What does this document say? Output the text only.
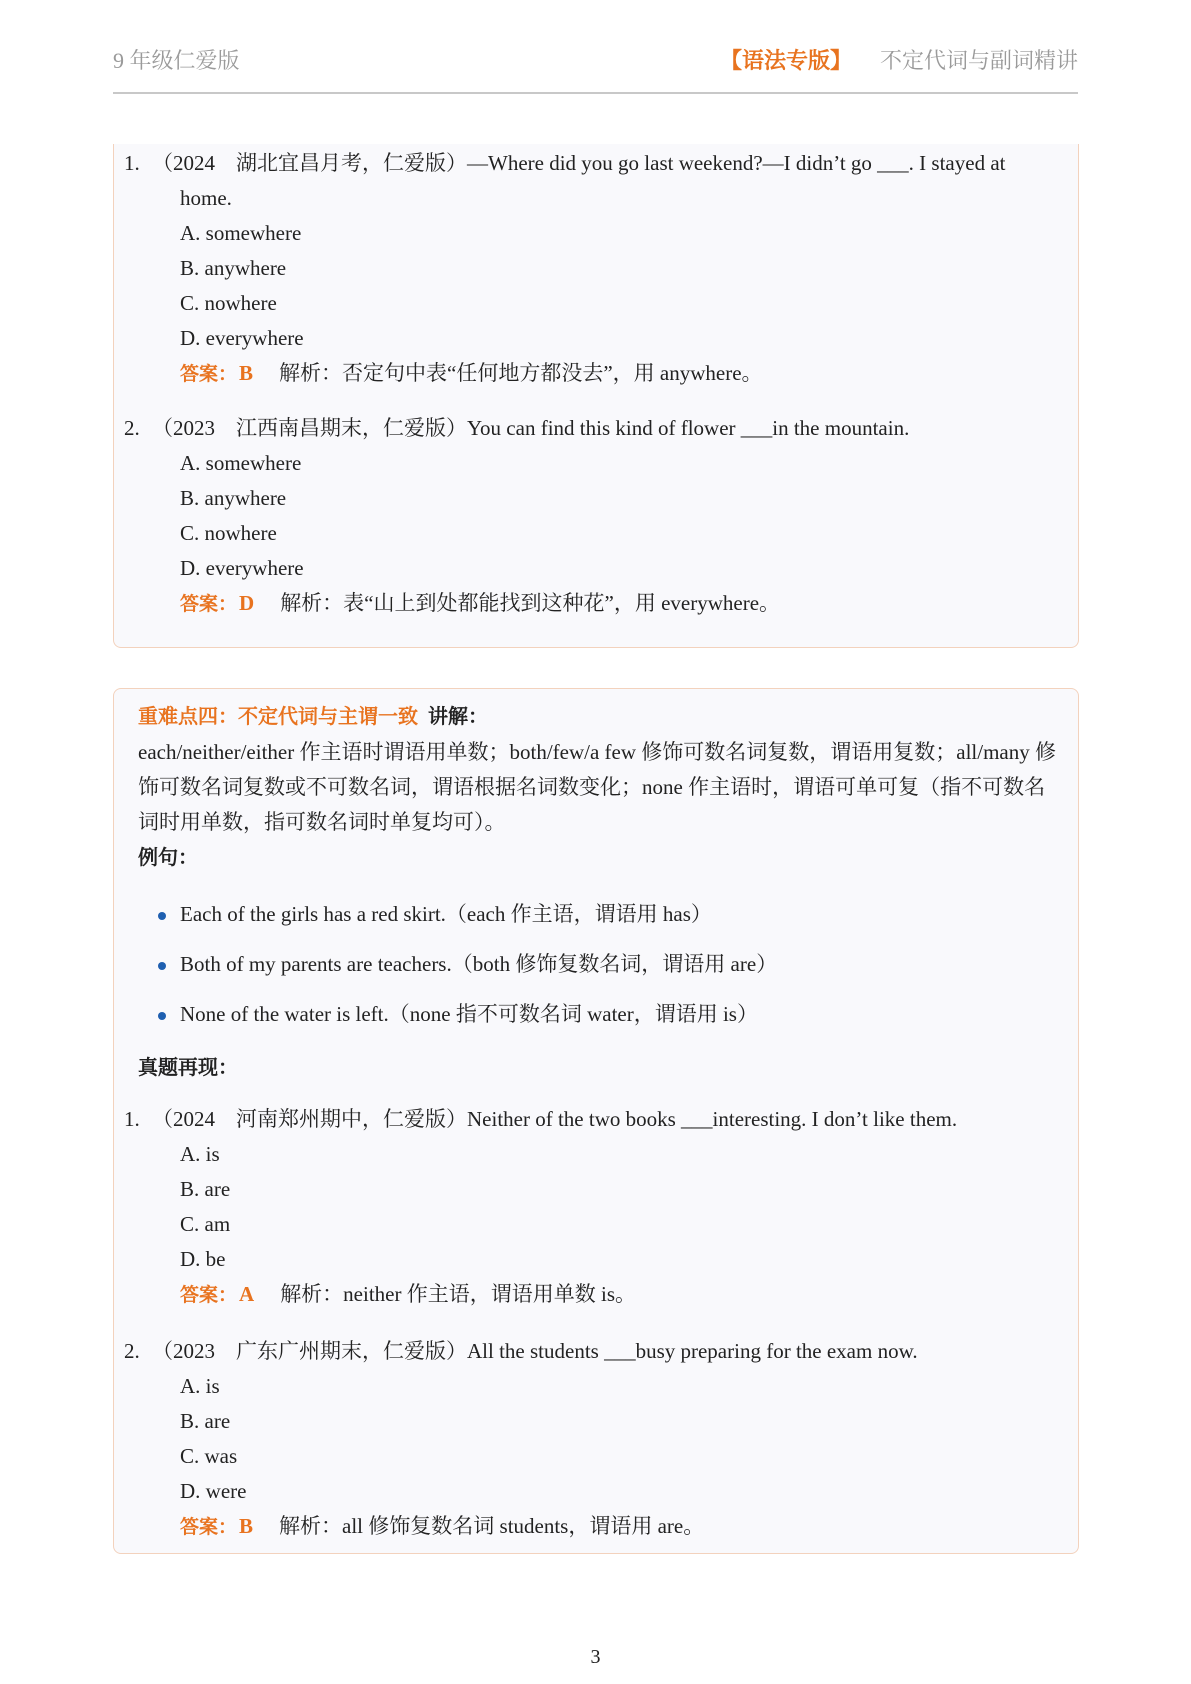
9 年级仁爱版	【语法专版】 不定代词与副词精讲
1. （2024　湖北宜昌月考，仁爱版）—Where did you go last weekend?—I didn’t go ___. I stayed at home.
A. somewhere
B. anywhere
C. nowhere
D. everywhere
答案：B 解析：否定句中表“任何地方都没去”，用 anywhere。
2. （2023　江西南昌期末，仁爱版）You can find this kind of flower ___in the mountain.
A. somewhere
B. anywhere
C. nowhere
D. everywhere
答案：D 解析：表“山上到处都能找到这种花”，用 everywhere。
重难点四：不定代词与主谓一致 讲解：
each/neither/either 作主语时谓语用单数；both/few/a few 修饰可数名词复数，谓语用复数；all/many 修饰可数名词复数或不可数名词，谓语根据名词数变化；none 作主语时，谓语可单可复（指不可数名词时用单数，指可数名词时单复均可）。
例句：
Each of the girls has a red skirt.（each 作主语，谓语用 has）
Both of my parents are teachers.（both 修饰复数名词，谓语用 are）
None of the water is left.（none 指不可数名词 water，谓语用 is）
真题再现：
1. （2024　河南郑州期中，仁爱版）Neither of the two books ___interesting. I don’t like them.
A. is
B. are
C. am
D. be
答案：A 解析：neither 作主语，谓语用单数 is。
2. （2023　广东广州期末，仁爱版）All the students ___busy preparing for the exam now.
A. is
B. are
C. was
D. were
答案：B 解析：all 修饰复数名词 students，谓语用 are。
3
